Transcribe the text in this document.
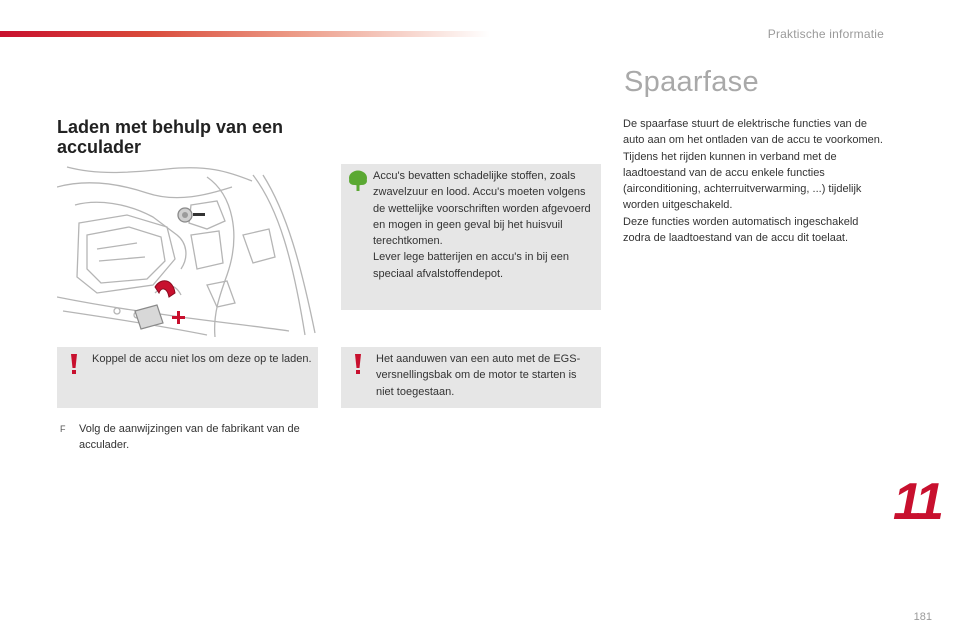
Praktische informatie
Laden met behulp van een acculader
Accu's bevatten schadelijke stoffen, zoals zwavelzuur en lood. Accu's moeten volgens de wettelijke voorschriften worden afgevoerd en mogen in geen geval bij het huisvuil terechtkomen.
Lever lege batterijen en accu's in bij een speciaal afvalstoffendepot.
Koppel de accu niet los om deze op te laden.	Het aanduwen van een auto met de EGS-versnellingsbak om de motor te starten is niet toegestaan.
F Volg de aanwijzingen van de fabrikant van de acculader.
Spaarfase
De spaarfase stuurt de elektrische functies van de auto aan om het ontladen van de accu te voorkomen.
Tijdens het rijden kunnen in verband met de laadtoestand van de accu enkele functies (airconditioning, achterruitverwarming, ...) tijdelijk worden uitgeschakeld.
Deze functies worden automatisch ingeschakeld zodra de laadtoestand van de accu dit toelaat.
11
181
